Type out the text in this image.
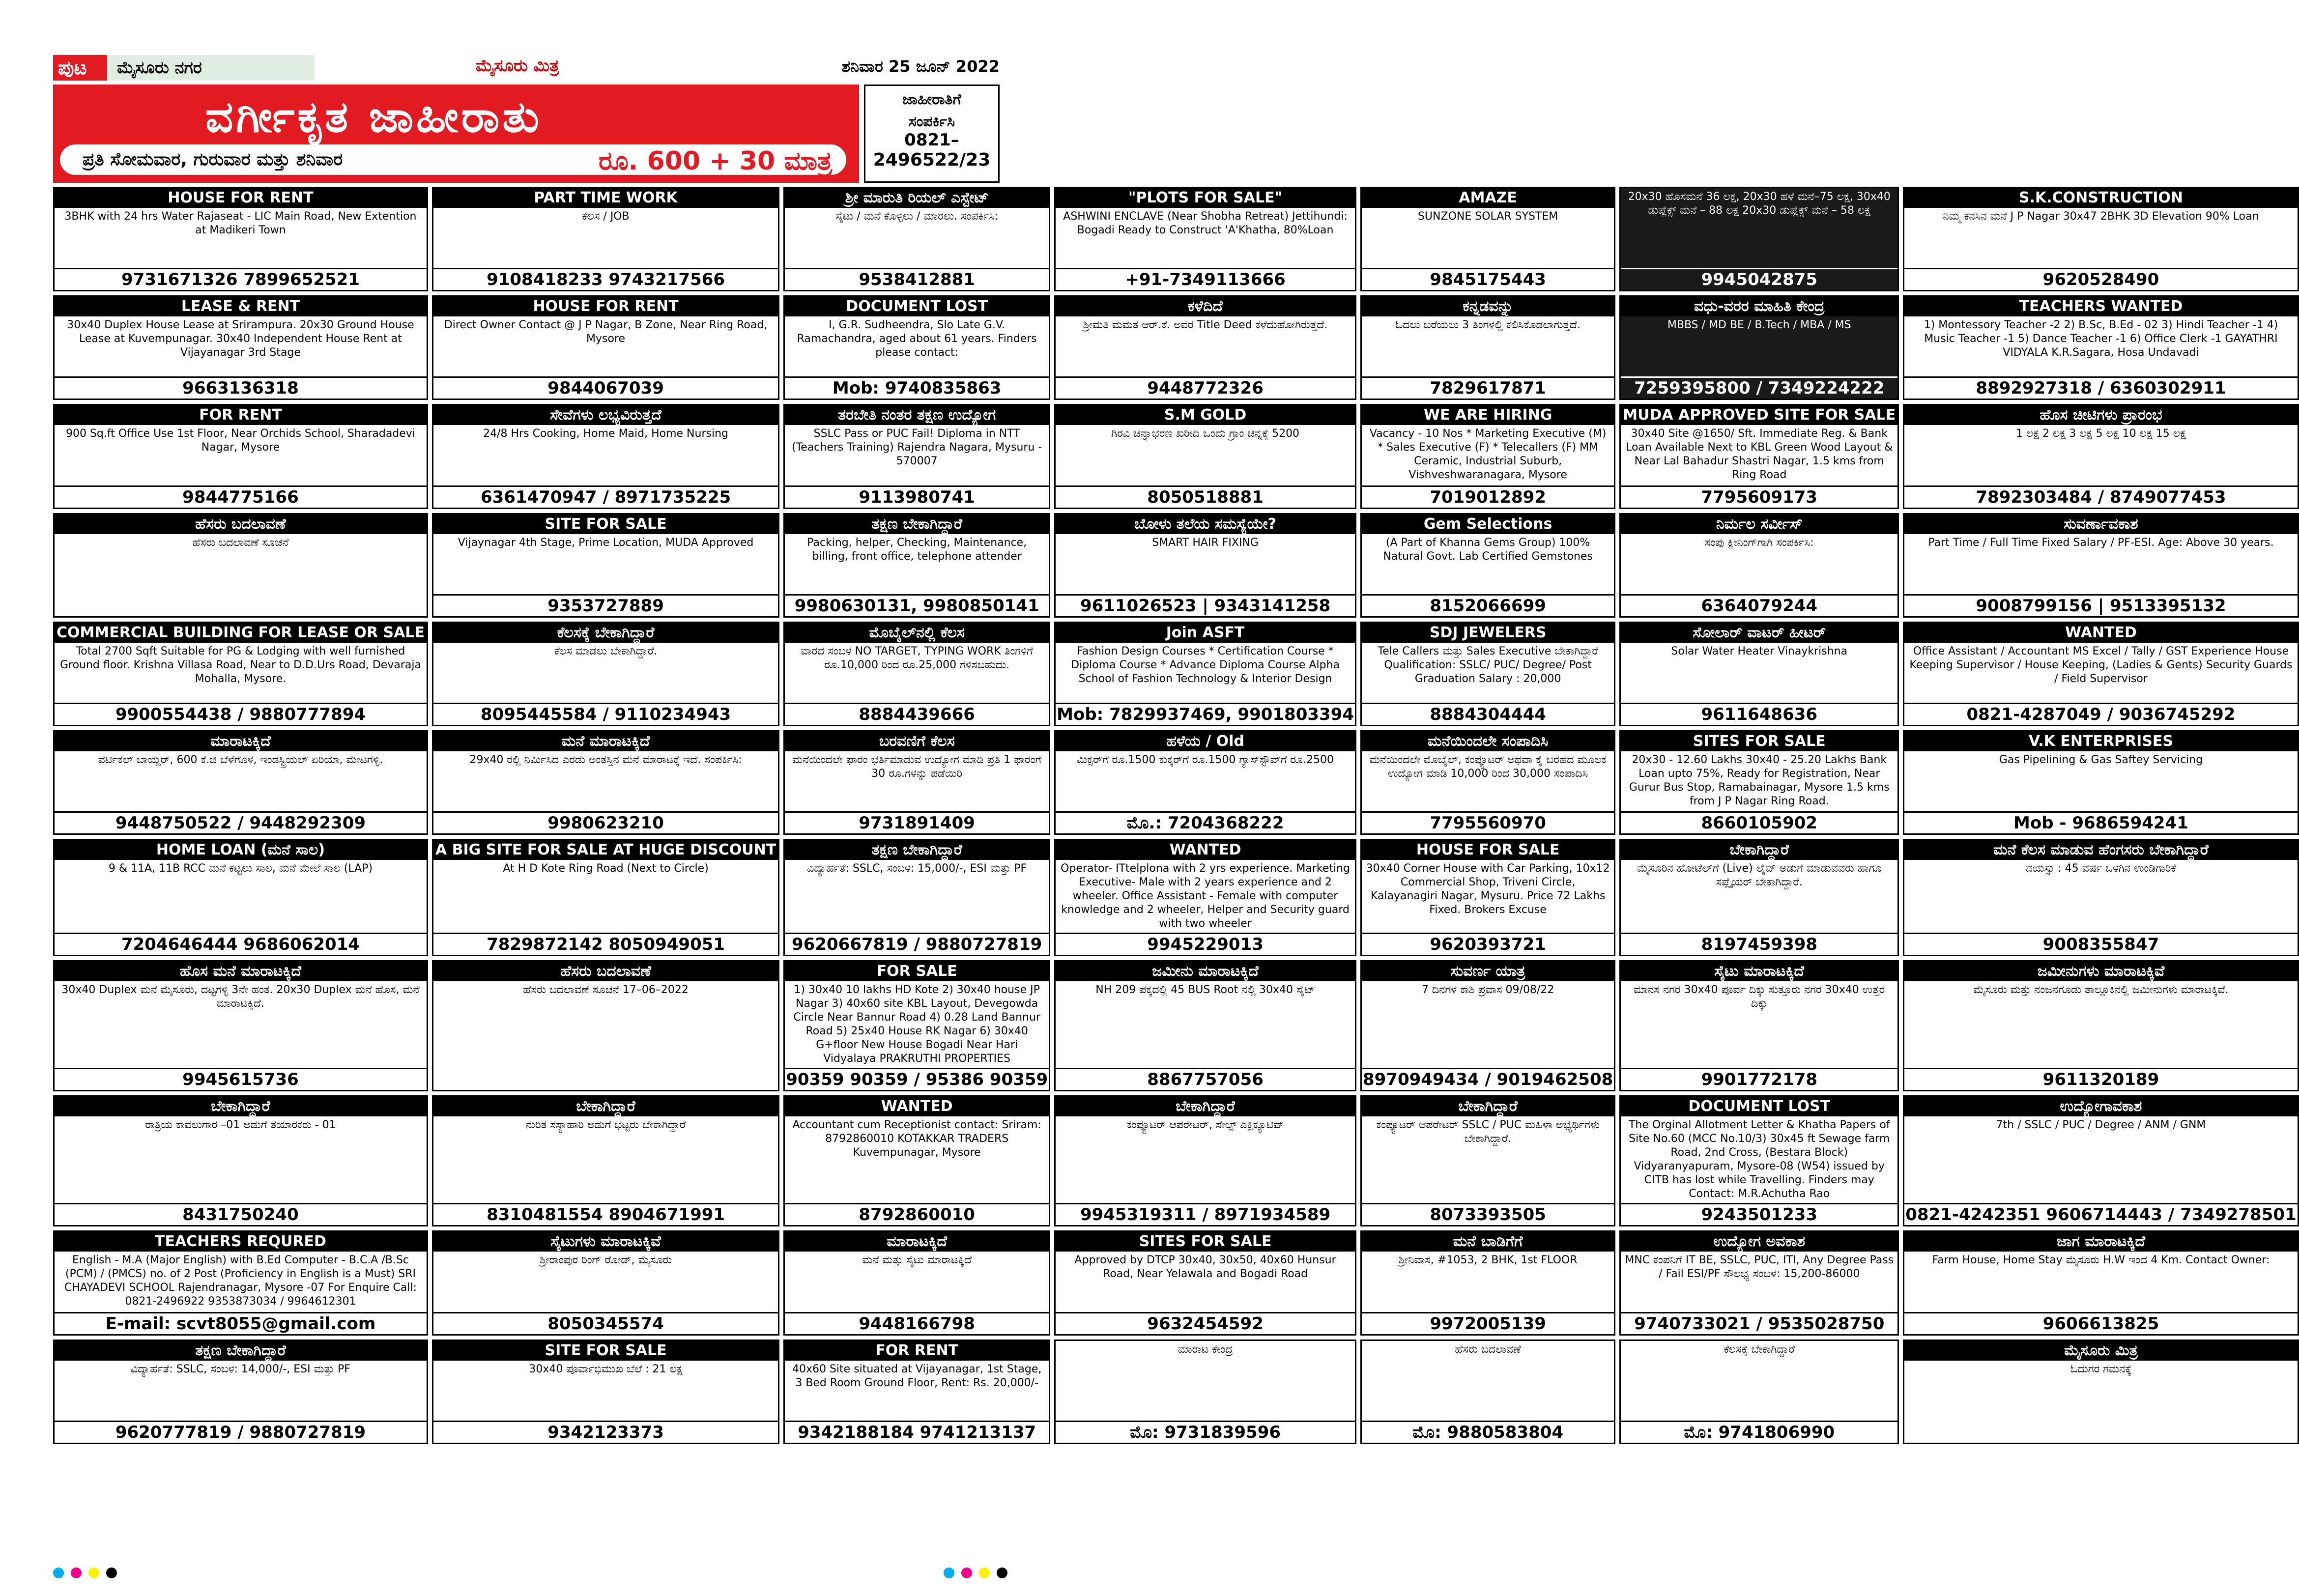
ಪುಟ	ಮೈಸೂರು ನಗರ	ಮೈಸೂರು ಮಿತ್ರ	ಶನಿವಾರ 25 ಜೂನ್ 2022
ವರ್ಗೀಕೃತ ಜಾಹೀರಾತು
ಪ್ರತಿ ಸೋಮವಾರ, ಗುರುವಾರ ಮತ್ತು ಶನಿವಾರ	ರೂ. 600 + 30 ಮಾತ್ರ
ಜಾಹೀರಾತಿಗೆ
ಸಂಪರ್ಕಿಸಿ
0821–
2496522/23
HOUSE FOR RENT
3BHK with 24 hrs Water Rajaseat - LIC Main Road, New Extention at Madikeri Town
9731671326 7899652521
PART TIME WORK
ಕೆಲಸ / JOB
9108418233 9743217566
ಶ್ರೀ ಮಾರುತಿ ರಿಯಲ್ ಎಸ್ಟೇಟ್
ಸೈಟು / ಮನೆ ಕೊಳ್ಳಲು / ಮಾರಲು. ಸಂಪರ್ಕಿಸಿ:
9538412881
"PLOTS FOR SALE"
ASHWINI ENCLAVE (Near Shobha Retreat) Jettihundi: Bogadi Ready to Construct 'A'Khatha, 80%Loan
+91-7349113666
AMAZE
SUNZONE SOLAR SYSTEM
9845175443
20x30 ಹೊಸಮನೆ 36 ಲಕ್ಷ, 20x30 ಹಳೆ ಮನೆ–75 ಲಕ್ಷ, 30x40 ಡುಪ್ಲೆಕ್ಸ್ ಮನೆ – 88 ಲಕ್ಷ 20x30 ಡುಪ್ಲೆಕ್ಸ್ ಮನೆ – 58 ಲಕ್ಷ
9945042875
S.K.CONSTRUCTION
ನಿಮ್ಮ ಕನಸಿನ ಮನೆ J P Nagar 30x47 2BHK 3D Elevation 90% Loan
9620528490
LEASE & RENT
30x40 Duplex House Lease at Srirampura. 20x30 Ground House Lease at Kuvempunagar. 30x40 Independent House Rent at Vijayanagar 3rd Stage
9663136318
HOUSE FOR RENT
Direct Owner Contact @ J P Nagar, B Zone, Near Ring Road, Mysore
9844067039
DOCUMENT LOST
I, G.R. Sudheendra, Slo Late G.V. Ramachandra, aged about 61 years. Finders please contact:
Mob: 9740835863
ಕಳೆದಿದೆ
ಶ್ರೀಮತಿ ಮಮತ ಆರ್.ಕೆ. ಅವರ Title Deed ಕಳೆದುಹೋಗಿರುತ್ತದೆ.
9448772326
ಕನ್ನಡವನ್ನು
ಓದಲು ಬರೆಯಲು 3 ತಿಂಗಳಲ್ಲಿ ಕಲಿಸಿಕೊಡಲಾಗುತ್ತದೆ.
7829617871
ವಧು-ವರರ ಮಾಹಿತಿ ಕೇಂದ್ರ
MBBS / MD BE / B.Tech / MBA / MS
7259395800 / 7349224222
TEACHERS WANTED
1) Montessory Teacher -2 2) B.Sc, B.Ed - 02 3) Hindi Teacher -1 4) Music Teacher -1 5) Dance Teacher -1 6) Office Clerk -1 GAYATHRI VIDYALA K.R.Sagara, Hosa Undavadi
8892927318 / 6360302911
FOR RENT
900 Sq.ft Office Use 1st Floor, Near Orchids School, Sharadadevi Nagar, Mysore
9844775166
ಸೇವೆಗಳು ಲಭ್ಯವಿರುತ್ತದೆ
24/8 Hrs Cooking, Home Maid, Home Nursing
6361470947 / 8971735225
ತರಬೇತಿ ನಂತರ ತಕ್ಷಣ ಉದ್ಯೋಗ
SSLC Pass or PUC Fail! Diploma in NTT (Teachers Training) Rajendra Nagara, Mysuru - 570007
9113980741
S.M GOLD
ಗಿರವಿ ಚಿನ್ನಾಭರಣ ಖರೀದಿ ಒಂದು ಗ್ರಾಂ ಚಿನ್ನಕ್ಕೆ 5200
8050518881
WE ARE HIRING
Vacancy - 10 Nos * Marketing Executive (M) * Sales Executive (F) * Telecallers (F) MM Ceramic, Industrial Suburb, Vishveshwaranagara, Mysore
7019012892
MUDA APPROVED SITE FOR SALE
30x40 Site @1650/ Sft. Immediate Reg. & Bank Loan Available Next to KBL Green Wood Layout & Near Lal Bahadur Shastri Nagar, 1.5 kms from Ring Road
7795609173
ಹೊಸ ಚೀಟಿಗಳು ಪ್ರಾರಂಭ
1 ಲಕ್ಷ 2 ಲಕ್ಷ 3 ಲಕ್ಷ 5 ಲಕ್ಷ 10 ಲಕ್ಷ 15 ಲಕ್ಷ
7892303484 / 8749077453
ಹೆಸರು ಬದಲಾವಣೆ
ಹೆಸರು ಬದಲಾವಣೆ ಸೂಚನೆ
SITE FOR SALE
Vijaynagar 4th Stage, Prime Location, MUDA Approved
9353727889
ತಕ್ಷಣ ಬೇಕಾಗಿದ್ದಾರೆ
Packing, helper, Checking, Maintenance, billing, front office, telephone attender
9980630131, 9980850141
ಬೋಳು ತಲೆಯ ಸಮಸ್ಯೆಯೇ?
SMART HAIR FIXING
9611026523 | 9343141258
Gem Selections
(A Part of Khanna Gems Group) 100% Natural Govt. Lab Certified Gemstones
8152066699
ನಿರ್ಮಲ ಸರ್ವೀಸ್
ಸಂಪು ಕ್ಲೀನಿಂಗ್‌ಗಾಗಿ ಸಂಪರ್ಕಿಸಿ:
6364079244
ಸುವರ್ಣಾವಕಾಶ
Part Time / Full Time Fixed Salary / PF-ESI. Age: Above 30 years.
9008799156 | 9513395132
COMMERCIAL BUILDING FOR LEASE OR SALE
Total 2700 Sqft Suitable for PG & Lodging with well furnished Ground floor. Krishna Villasa Road, Near to D.D.Urs Road, Devaraja Mohalla, Mysore.
9900554438 / 9880777894
ಕೆಲಸಕ್ಕೆ ಬೇಕಾಗಿದ್ದಾರೆ
ಕೆಲಸ ಮಾಡಲು ಬೇಕಾಗಿದ್ದಾರೆ.
8095445584 / 9110234943
ಮೊಬೈಲ್‌ನಲ್ಲಿ ಕೆಲಸ
ವಾರದ ಸಂಬಳ NO TARGET, TYPING WORK ತಿಂಗಳಿಗೆ ರೂ.10,000 ರಿಂದ ರೂ.25,000 ಗಳಿಸಬಹುದು.
8884439666
Join ASFT
Fashion Design Courses * Certification Course * Diploma Course * Advance Diploma Course Alpha School of Fashion Technology & Interior Design
Mob: 7829937469, 9901803394
SDJ JEWELERS
Tele Callers ಮತ್ತು Sales Executive ಬೇಕಾಗಿದ್ದಾರೆ Qualification: SSLC/ PUC/ Degree/ Post Graduation Salary : 20,000
8884304444
ಸೋಲಾರ್ ವಾಟರ್ ಹೀಟರ್
Solar Water Heater Vinaykrishna
9611648636
WANTED
Office Assistant / Accountant MS Excel / Tally / GST Experience House Keeping Supervisor / House Keeping, (Ladies & Gents) Security Guards / Field Supervisor
0821-4287049 / 9036745292
ಮಾರಾಟಕ್ಕಿದೆ
ವರ್ಟಿಕಲ್ ಬಾಯ್ಲರ್, 600 ಕೆ.ಜಿ ಬೆಳೆಗೊಳ, ಇಂಡಸ್ಟ್ರಿಯಲ್ ಏರಿಯಾ, ಮೇಟಗಳ್ಳಿ.
9448750522 / 9448292309
ಮನೆ ಮಾರಾಟಕ್ಕಿದೆ
29x40 ರಲ್ಲಿ ನಿರ್ಮಿಸಿದ ಎರಡು ಅಂತಸ್ತಿನ ಮನೆ ಮಾರಾಟಕ್ಕೆ ಇದೆ. ಸಂಪರ್ಕಿಸಿ:
9980623210
ಬರವಣಿಗೆ ಕೆಲಸ
ಮನೆಯಿಂದಲೇ ಫಾರಂ ಭರ್ತಿಮಾಡುವ ಉದ್ಯೋಗ ಮಾಡಿ ಪ್ರತಿ 1 ಫಾರಂಗೆ 30 ರೂ.ಗಳನ್ನು ಪಡೆಯಿರಿ
9731891409
ಹಳೆಯ / Old
ಮಿಕ್ಸರ್‌ಗೆ ರೂ.1500 ಕುಕ್ಕರ್‌ಗೆ ರೂ.1500 ಗ್ಯಾಸ್‌ಸ್ಟೌವ್‌ಗೆ ರೂ.2500
ಮೊ.: 7204368222
ಮನೆಯಿಂದಲೇ ಸಂಪಾದಿಸಿ
ಮನೆಯಿಂದಲೇ ಮೊಬೈಲ್, ಕಂಪ್ಯೂಟರ್ ಅಥವಾ ಕೈ ಬರಹದ ಮೂಲಕ ಉದ್ಯೋಗ ಮಾಡಿ 10,000 ರಿಂದ 30,000 ಸಂಪಾದಿಸಿ
7795560970
SITES FOR SALE
20x30 - 12.60 Lakhs 30x40 - 25.20 Lakhs Bank Loan upto 75%, Ready for Registration, Near Gurur Bus Stop, Ramabainagar, Mysore 1.5 kms from J P Nagar Ring Road.
8660105902
V.K ENTERPRISES
Gas Pipelining & Gas Saftey Servicing
Mob - 9686594241
HOME LOAN (ಮನೆ ಸಾಲ)
9 & 11A, 11B RCC ಮನೆ ಕಟ್ಟಲು ಸಾಲ, ಮನೆ ಮೇಲೆ ಸಾಲ (LAP)
7204646444 9686062014
A BIG SITE FOR SALE AT HUGE DISCOUNT
At H D Kote Ring Road (Next to Circle)
7829872142 8050949051
ತಕ್ಷಣ ಬೇಕಾಗಿದ್ದಾರೆ
ವಿದ್ಯಾರ್ಹತೆ: SSLC, ಸಂಬಳ: 15,000/-, ESI ಮತ್ತು PF
9620667819 / 9880727819
WANTED
Operator- ITtelplona with 2 yrs experience. Marketing Executive- Male with 2 years experience and 2 wheeler. Office Assistant - Female with computer knowledge and 2 wheeler, Helper and Security guard with two wheeler
9945229013
HOUSE FOR SALE
30x40 Corner House with Car Parking, 10x12 Commercial Shop, Triveni Circle, Kalayanagiri Nagar, Mysuru. Price 72 Lakhs Fixed. Brokers Excuse
9620393721
ಬೇಕಾಗಿದ್ದಾರೆ
ಮೈಸೂರಿನ ಹೋಟೆಲ್‌ಗೆ (Live) ಲೈವ್ ಅಡುಗೆ ಮಾಡುವವರು ಹಾಗೂ ಸಪ್ಲೈಯರ್ ಬೇಕಾಗಿದ್ದಾರೆ.
8197459398
ಮನೆ ಕೆಲಸ ಮಾಡುವ ಹೆಂಗಸರು ಬೇಕಾಗಿದ್ದಾರೆ
ವಯಸ್ಸು : 45 ವರ್ಷ ಒಳಗಿನ ಉಂಡಿಗಾರಿಕೆ
9008355847
ಹೊಸ ಮನೆ ಮಾರಾಟಕ್ಕಿದೆ
30x40 Duplex ಮನೆ ಮೈಸೂರು, ದಟ್ಟಗಳ್ಳಿ 3ನೇ ಹಂತ. 20x30 Duplex ಮನೆ ಹೊಸ, ಮನೆ ಮಾರಾಟಕ್ಕಿದೆ.
9945615736
ಹೆಸರು ಬದಲಾವಣೆ
ಹೆಸರು ಬದಲಾವಣೆ ಸೂಚನೆ 17–06–2022
FOR SALE
1) 30x40 10 lakhs HD Kote 2) 30x40 house JP Nagar 3) 40x60 site KBL Layout, Devegowda Circle Near Bannur Road 4) 0.28 Land Bannur Road 5) 25x40 House RK Nagar 6) 30x40 G+floor New House Bogadi Near Hari Vidyalaya PRAKRUTHI PROPERTIES
90359 90359 / 95386 90359
ಜಮೀನು ಮಾರಾಟಕ್ಕಿದೆ
NH 209 ಪಕ್ಕದಲ್ಲಿ 45 BUS Root ನಲ್ಲಿ 30x40 ಸೈಟ್
8867757056
ಸುವರ್ಣ ಯಾತ್ರ
7 ದಿನಗಳ ಕಾಶಿ ಪ್ರವಾಸ 09/08/22
8970949434 / 9019462508
ಸೈಟು ಮಾರಾಟಕ್ಕಿದೆ
ಮಾನಸ ನಗರ 30x40 ಪೂರ್ವ ದಿಕ್ಕು ಸುತ್ತೂರು ನಗರ 30x40 ಉತ್ತರ ದಿಕ್ಕು
9901772178
ಜಮೀನುಗಳು ಮಾರಾಟಕ್ಕಿವೆ
ಮೈಸೂರು ಮತ್ತು ನಂಜನಗೂಡು ತಾಲ್ಲೂಕಿನಲ್ಲಿ ಜಮೀನುಗಳು ಮಾರಾಟಕ್ಕಿವೆ.
9611320189
ಬೇಕಾಗಿದ್ದಾರೆ
ರಾತ್ರಿಯ ಕಾವಲುಗಾರ –01 ಅಡುಗೆ ತಯಾರಕರು - 01
8431750240
ಬೇಕಾಗಿದ್ದಾರೆ
ನುರಿತ ಸಸ್ಯಾಹಾರಿ ಅಡುಗೆ ಭಟ್ಟರು ಬೇಕಾಗಿದ್ದಾರೆ
8310481554 8904671991
WANTED
Accountant cum Receptionist contact: Sriram: 8792860010 KOTAKKAR TRADERS Kuvempunagar, Mysore
8792860010
ಬೇಕಾಗಿದ್ದಾರೆ
ಕಂಪ್ಯೂಟರ್ ಆಪರೇಟರ್, ಸೇಲ್ಸ್ ಎಕ್ಸಿಕ್ಯೂಟಿವ್
9945319311 / 8971934589
ಬೇಕಾಗಿದ್ದಾರೆ
ಕಂಪ್ಯೂಟರ್ ಆಪರೇಟರ್ SSLC / PUC ಮಹಿಳಾ ಅಭ್ಯರ್ಥಿಗಳು ಬೇಕಾಗಿದ್ದಾರೆ.
8073393505
DOCUMENT LOST
The Orginal Allotment Letter & Khatha Papers of Site No.60 (MCC No.10/3) 30x45 ft Sewage farm Road, 2nd Cross, (Bestara Block) Vidyaranyapuram, Mysore-08 (W54) issued by CITB has lost while Travelling. Finders may Contact: M.R.Achutha Rao
9243501233
ಉದ್ಯೋಗಾವಕಾಶ
7th / SSLC / PUC / Degree / ANM / GNM
0821-4242351 9606714443 / 7349278501
TEACHERS REQURED
English - M.A (Major English) with B.Ed Computer - B.C.A /B.Sc (PCM) / (PMCS) no. of 2 Post (Proficiency in English is a Must) SRI CHAYADEVI SCHOOL Rajendranagar, Mysore -07 For Enquire Call: 0821-2496922 9353873034 / 9964612301
E-mail: scvt8055@gmail.com
ಸೈಟುಗಳು ಮಾರಾಟಕ್ಕಿವೆ
ಶ್ರೀರಾಂಪುರ ರಿಂಗ್ ರೋಡ್, ಮೈಸೂರು
8050345574
ಮಾರಾಟಕ್ಕಿದೆ
ಮನೆ ಮತ್ತು ಸೈಟು ಮಾರಾಟಕ್ಕಿದೆ
9448166798
SITES FOR SALE
Approved by DTCP 30x40, 30x50, 40x60 Hunsur Road, Near Yelawala and Bogadi Road
9632454592
ಮನೆ ಬಾಡಿಗೆಗೆ
ಶ್ರೀನಿವಾಸ, #1053, 2 BHK, 1st FLOOR
9972005139
ಉದ್ಯೋಗ ಅವಕಾಶ
MNC ಕಂಪನಿಗೆ IT BE, SSLC, PUC, ITI, Any Degree Pass / Fail ESI/PF ಸೌಲಭ್ಯ ಸಂಬಳ: 15,200-86000
9740733021 / 9535028750
ಜಾಗ ಮಾರಾಟಕ್ಕಿದೆ
Farm House, Home Stay ಮೈಸೂರು H.W ಇಂದ 4 Km. Contact Owner:
9606613825
ತಕ್ಷಣ ಬೇಕಾಗಿದ್ದಾರೆ
ವಿದ್ಯಾರ್ಹತೆ: SSLC, ಸಂಬಳ: 14,000/-, ESI ಮತ್ತು PF
9620777819 / 9880727819
SITE FOR SALE
30x40 ಪೂರ್ವಾಭಿಮುಖ ಬೆಲೆ : 21 ಲಕ್ಷ
9342123373
FOR RENT
40x60 Site situated at Vijayanagar, 1st Stage, 3 Bed Room Ground Floor, Rent: Rs. 20,000/-
9342188184 9741213137
ಮಾರಾಟ ಕೇಂದ್ರ
ಮೊ: 9731839596
ಹೆಸರು ಬದಲಾವಣೆ
ಮೊ: 9880583804
ಕೆಲಸಕ್ಕೆ ಬೇಕಾಗಿದ್ದಾರೆ
ಮೊ: 9741806990
ಮೈಸೂರು ಮಿತ್ರ
ಓದುಗರ ಗಮನಕ್ಕೆ
